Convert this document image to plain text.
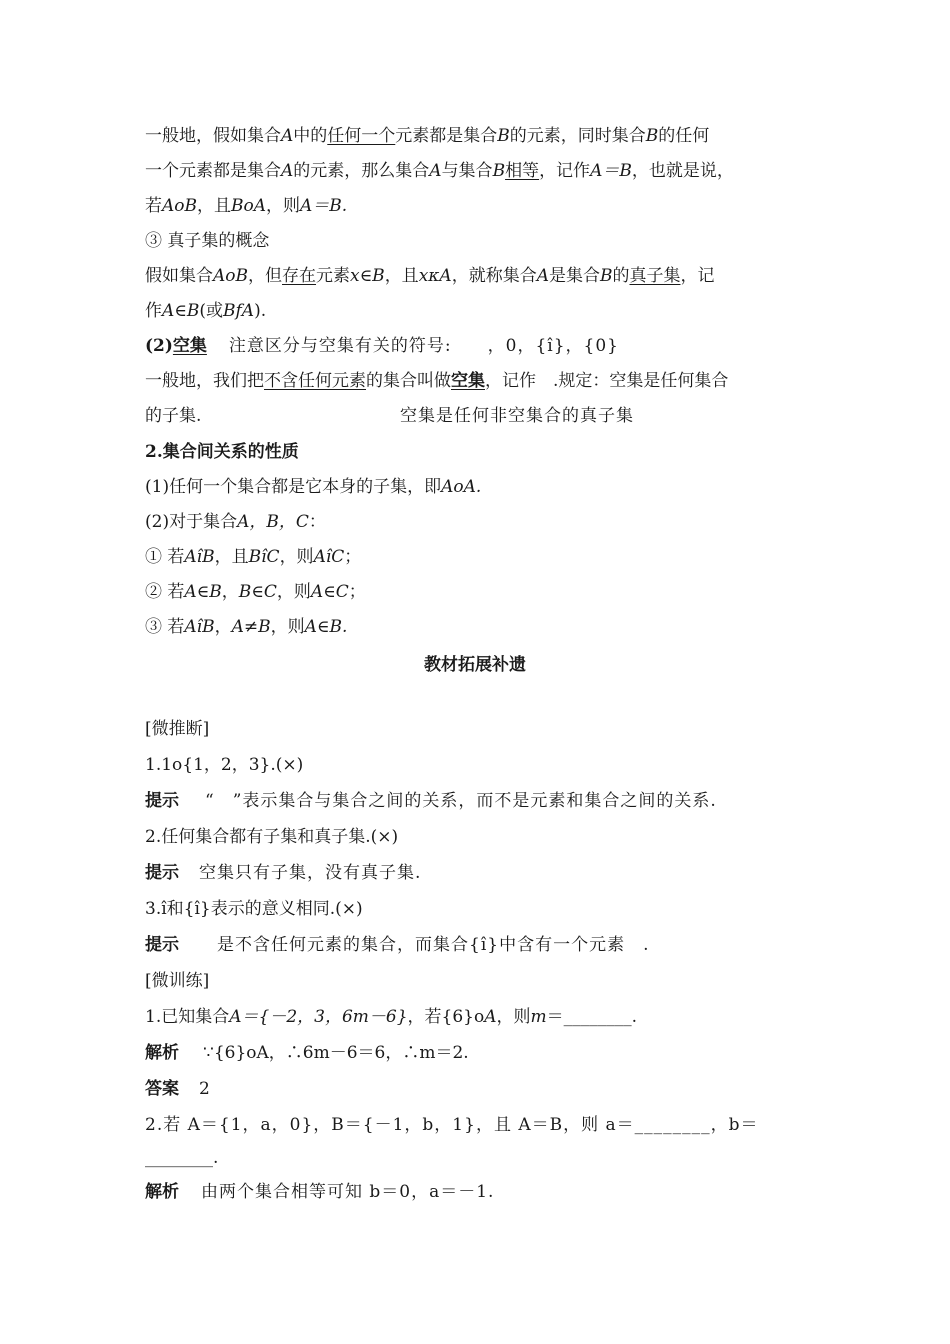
一般地，假如集合A中的任何一个元素都是集合B的元素，同时集合B的任何
一个元素都是集合A的元素，那么集合A与集合B相等，记作A＝B，也就是说，
若AoB，且BoA，则A＝B.
③ 真子集的概念
假如集合AoB，但存在元素x∈B，且xκA，就称集合A是集合B的真子集，记
作A∈B(或BfA).
(2)空集 注意区分与空集有关的符号:　　，0，{î}，{0}
一般地，我们把不含任何元素的集合叫做空集，记作　.规定：空集是任何集合
的子集.	空集是任何非空集合的真子集
2.集合间关系的性质
(1)任何一个集合都是它本身的子集，即AoA.
(2)对于集合A，B，C：
① 若AîB，且BîC，则AîC；
② 若A∈B，B∈C，则A∈C；
③ 若AîB，A≠B，则A∈B.
教材拓展补遗
[微推断]
1.1o{1，2，3}.(×)
提示 “　”表示集合与集合之间的关系，而不是元素和集合之间的关系.
2.任何集合都有子集和真子集.(×)
提示 空集只有子集，没有真子集.
3.î和{î}表示的意义相同.(×)
提示　是不含任何元素的集合，而集合{î}中含有一个元素　.
[微训练]
1.已知集合A＝{－2，3，6m－6}，若{6}oA，则m＝________.
解析 ∵{6}oA，∴6m－6＝6，∴m＝2.
答案 2
2.若 A＝{1，a，0}，B＝{－1，b，1}，且 A＝B，则 a＝________，b＝
________.
解析 由两个集合相等可知 b＝0，a＝－1.
